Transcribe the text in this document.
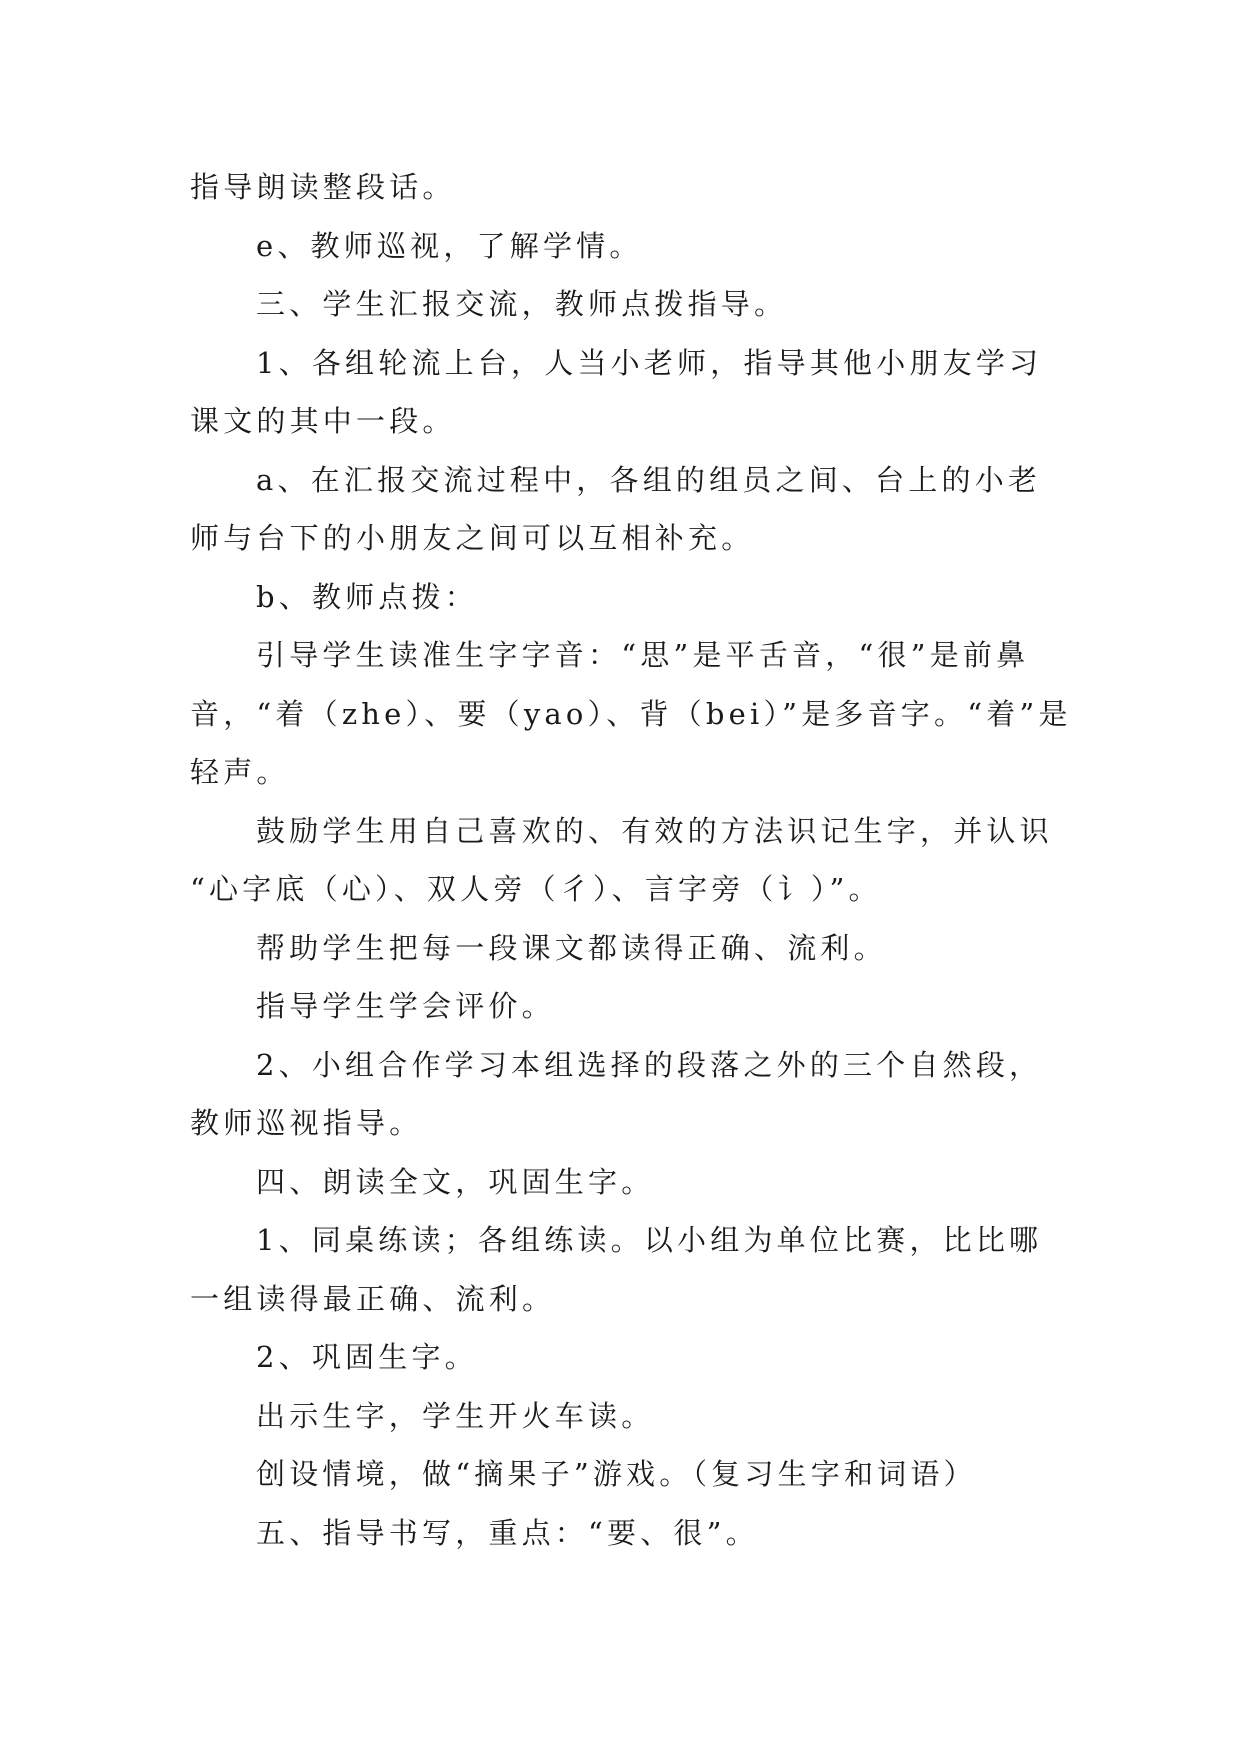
指导朗读整段话。
e、教师巡视，了解学情。
三、学生汇报交流，教师点拨指导。
1、各组轮流上台，人当小老师，指导其他小朋友学习
课文的其中一段。
a、在汇报交流过程中，各组的组员之间、台上的小老
师与台下的小朋友之间可以互相补充。
b、教师点拨：
引导学生读准生字字音：“思”是平舌音，“很”是前鼻
音，“着（zhe）、要（yao）、背（bei）”是多音字。“着”是
轻声。
鼓励学生用自己喜欢的、有效的方法识记生字，并认识
“心字底（心）、双人旁（彳）、言字旁（讠）”。
帮助学生把每一段课文都读得正确、流利。
指导学生学会评价。
2、小组合作学习本组选择的段落之外的三个自然段，
教师巡视指导。
四、朗读全文，巩固生字。
1、同桌练读；各组练读。以小组为单位比赛，比比哪
一组读得最正确、流利。
2、巩固生字。
出示生字，学生开火车读。
创设情境，做“摘果子”游戏。（复习生字和词语）
五、指导书写，重点：“要、很”。
